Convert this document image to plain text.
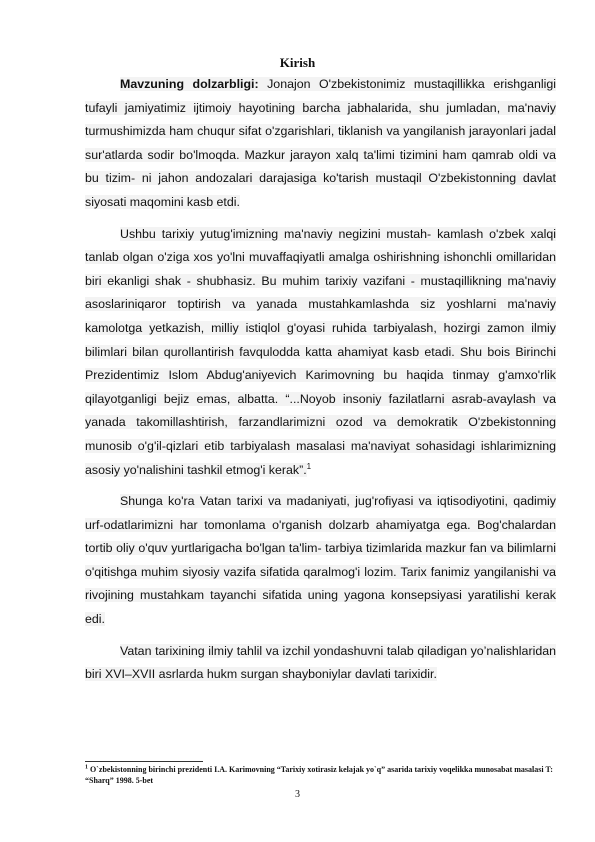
Kirish

Mavzuning dolzarbligi: Jonajon O'zbekistonimiz mustaqillikka erishganligi tufayli jamiyatimiz ijtimoiy hayotining barcha jabhalarida, shu jumladan, ma'naviy turmushimizda ham chuqur sifat o'zgarishlari, tiklanish va yangilanish jarayonlari jadal sur'atlarda sodir bo'lmoqda. Mazkur jarayon xalq ta'limi tizimini ham qamrab oldi va bu tizim- ni jahon andozalari darajasiga ko'tarish mustaqil O'zbekistonning davlat siyosati maqomini kasb etdi.

Ushbu tarixiy yutug'imizning ma'naviy negizini mustah- kamlash o'zbek xalqi tanlab olgan o'ziga xos yo'lni muvaffaqiyatli amalga oshirishning ishonchli omillaridan biri ekanligi shak - shubhasiz. Bu muhim tarixiy vazifani - mustaqillikning ma'naviy asoslariniqaror toptirish va yanada mustahkamlashda siz yoshlarni ma'naviy kamolotga yetkazish, milliy istiqlol g'oyasi ruhida tarbiyalash, hozirgi zamon ilmiy bilimlari bilan qurollantirish favqulodda katta ahamiyat kasb etadi. Shu bois Birinchi Prezidentimiz Islom Abdug'aniyevich Karimovning bu haqida tinmay g'amxo'rlik qilayotganligi bejiz emas, albatta. “...Noyob insoniy fazilatlarni asrab-avaylash va yanada takomillashtirish, farzandlarimizni ozod va demokratik O'zbekistonning munosib o'g'il-qizlari etib tarbiyalash masalasi ma'naviyat sohasidagi ishlarimizning asosiy yo'nalishini tashkil etmog'i kerak”.$^1$

Shunga ko'ra Vatan tarixi va madaniyati, jug'rofiyasi va iqtisodiyotini, qadimiy urf-odatlarimizni har tomonlama o'rganish dolzarb ahamiyatga ega. Bog'chalardan tortib oliy o'quv yurtlarigacha bo'lgan ta'lim- tarbiya tizimlarida mazkur fan va bilimlarni o'qitishga muhim siyosiy vazifa sifatida qaralmog'i lozim. Tarix fanimiz yangilanishi va rivojining mustahkam tayanchi sifatida uning yagona konsepsiyasi yaratilishi kerak edi.

Vatan tarixining ilmiy tahlil va izchil yondashuvni talab qiladigan yo’nalishlaridan biri XVI–XVII asrlarda hukm surgan shayboniylar davlati tarixidir.

$^1$ O`zbekistonning birinchi prezidenti I.A. Karimovning “Tarixiy xotirasiz kelajak yo`q” asarida tarixiy voqelikka munosabat masalasi T: “Sharq” 1998. 5-bet
3
